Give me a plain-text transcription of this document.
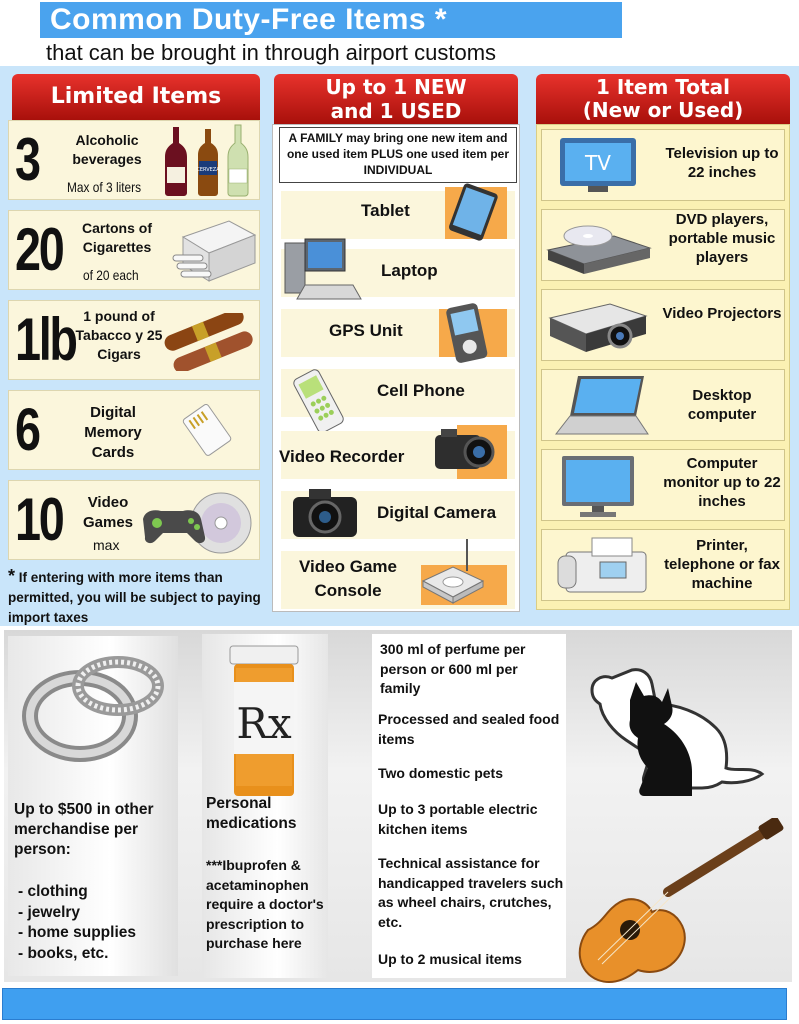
Common Duty-Free Items *
that can be brought in through airport customs
Limited Items
3	Alcoholic beverages
Max of 3 liters
CERVEZA
20	Cartons of Cigarettes
of 20 each
1lb 1 pound of Tabacco y 25 Cigars
6	Digital Memory Cards
10	Video Games
max
* If entering with more items than permitted, you will be subject to paying import taxes
Up to 1 NEW
and 1 USED
A FAMILY may bring one new item and one used item PLUS one used item per INDIVIDUAL
Tablet
Laptop
GPS Unit
Cell Phone
Video Recorder
Digital Camera
Video Game Console
1 Item Total
(New or Used)
Television up to 22 inches
TV
DVD players, portable music players
Video Projectors
Desktop computer
Computer monitor up to 22 inches
Printer, telephone or fax machine
Up to $500 in other merchandise per person:
- clothing
- jewelry
- home supplies
- books, etc.
Rx
Personal medications
***Ibuprofen & acetaminophen require a doctor's prescription to purchase here
300 ml of perfume per person or 600 ml per family
Processed and sealed food items
Two domestic pets
Up to 3 portable electric kitchen items
Technical assistance for handicapped travelers such as wheel chairs, crutches, etc.
Up to 2 musical items
